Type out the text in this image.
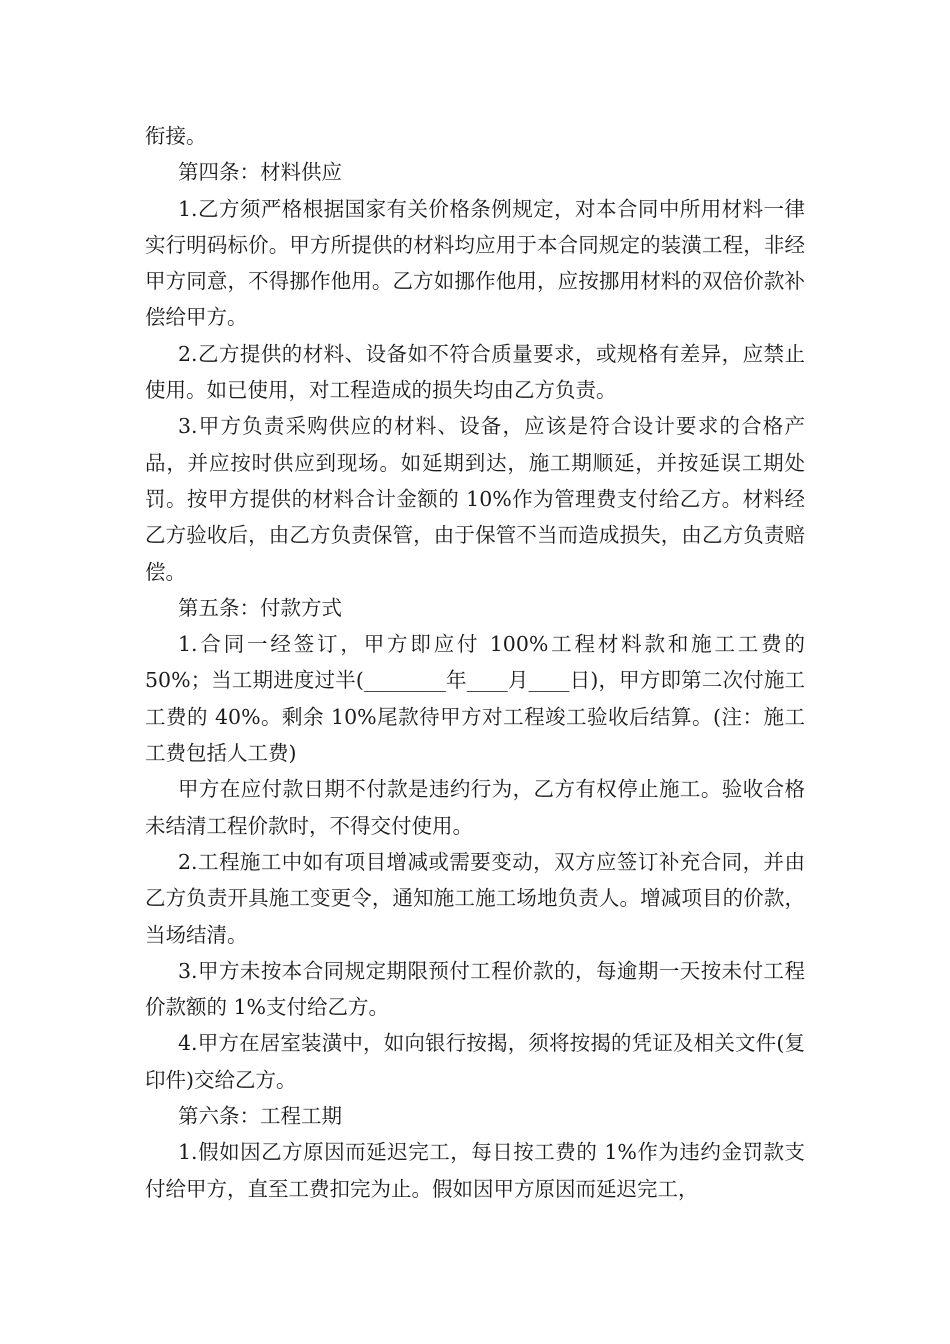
衔接。

第四条：材料供应

1.乙方须严格根据国家有关价格条例规定，对本合同中所用材料一律实行明码标价。甲方所提供的材料均应用于本合同规定的装潢工程，非经甲方同意，不得挪作他用。乙方如挪作他用，应按挪用材料的双倍价款补偿给甲方。

2.乙方提供的材料、设备如不符合质量要求，或规格有差异，应禁止使用。如已使用，对工程造成的损失均由乙方负责。

3.甲方负责采购供应的材料、设备，应该是符合设计要求的合格产品，并应按时供应到现场。如延期到达，施工期顺延，并按延误工期处罚。按甲方提供的材料合计金额的 10%作为管理费支付给乙方。材料经乙方验收后，由乙方负责保管，由于保管不当而造成损失，由乙方负责赔偿。

第五条：付款方式

1.合同一经签订，甲方即应付 100%工程材料款和施工工费的 50%；当工期进度过半(________年____月____日)，甲方即第二次付施工工费的 40%。剩余 10%尾款待甲方对工程竣工验收后结算。(注：施工工费包括人工费)

甲方在应付款日期不付款是违约行为，乙方有权停止施工。验收合格未结清工程价款时，不得交付使用。

2.工程施工中如有项目增减或需要变动，双方应签订补充合同，并由乙方负责开具施工变更令，通知施工施工场地负责人。增减项目的价款，当场结清。

3.甲方未按本合同规定期限预付工程价款的，每逾期一天按未付工程价款额的 1%支付给乙方。

4.甲方在居室装潢中，如向银行按揭，须将按揭的凭证及相关文件(复印件)交给乙方。

第六条：工程工期

1.假如因乙方原因而延迟完工，每日按工费的 1%作为违约金罚款支付给甲方，直至工费扣完为止。假如因甲方原因而延迟完工，
